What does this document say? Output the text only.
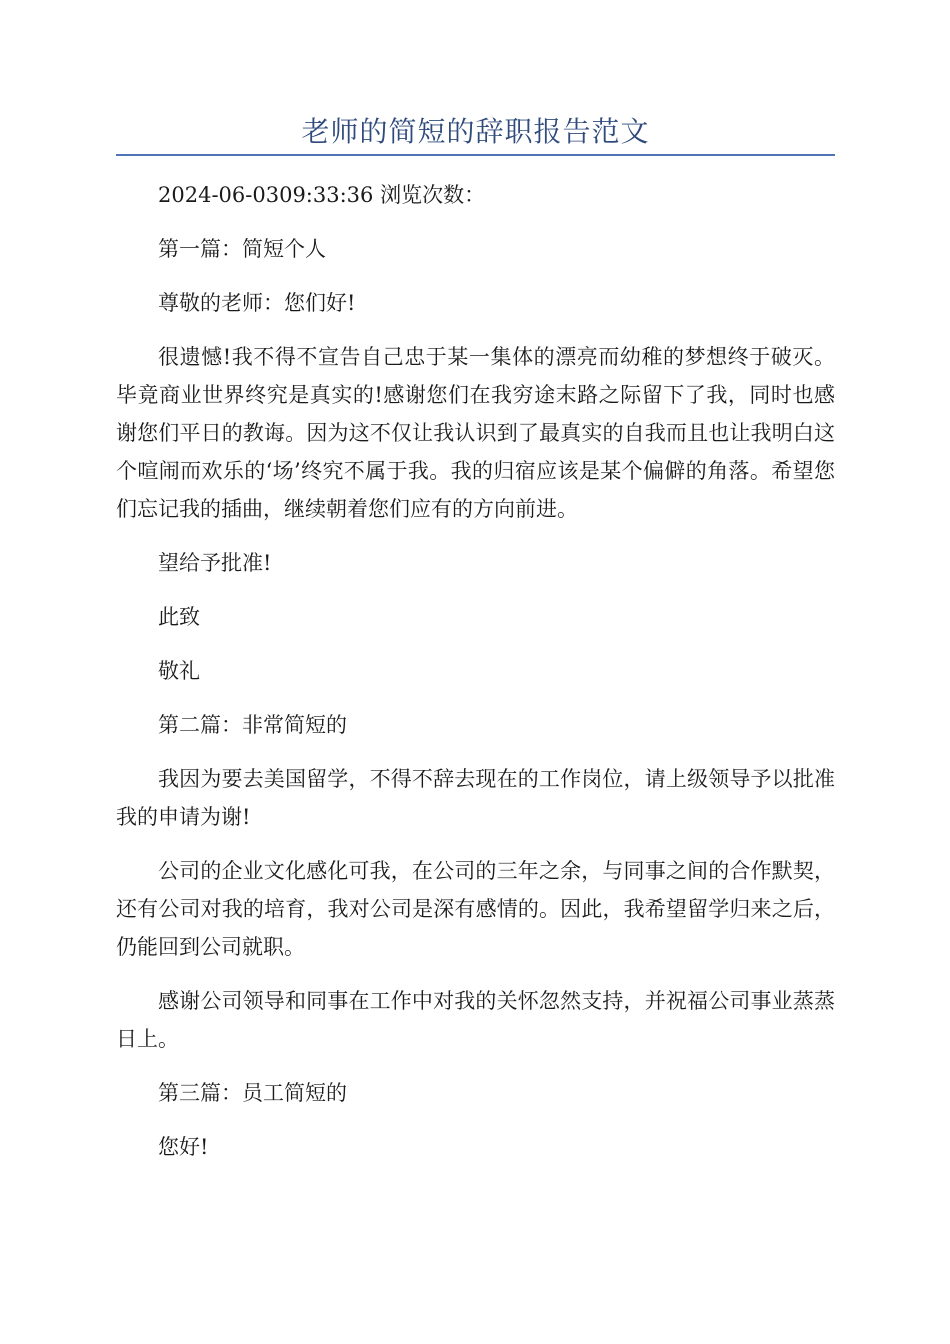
老师的简短的辞职报告范文

2024-06-0309:33:36 浏览次数：

第一篇：简短个人

尊敬的老师：您们好!

很遗憾!我不得不宣告自己忠于某一集体的漂亮而幼稚的梦想终于破灭。毕竟商业世界终究是真实的!感谢您们在我穷途末路之际留下了我，同时也感谢您们平日的教诲。因为这不仅让我认识到了最真实的自我而且也让我明白这个喧闹而欢乐的‘场’终究不属于我。我的归宿应该是某个偏僻的角落。希望您们忘记我的插曲，继续朝着您们应有的方向前进。

望给予批准!

此致

敬礼

第二篇：非常简短的

我因为要去美国留学，不得不辞去现在的工作岗位，请上级领导予以批准我的申请为谢!

公司的企业文化感化可我，在公司的三年之余，与同事之间的合作默契，还有公司对我的培育，我对公司是深有感情的。因此，我希望留学归来之后，仍能回到公司就职。

感谢公司领导和同事在工作中对我的关怀忽然支持，并祝福公司事业蒸蒸日上。

第三篇：员工简短的

您好!
